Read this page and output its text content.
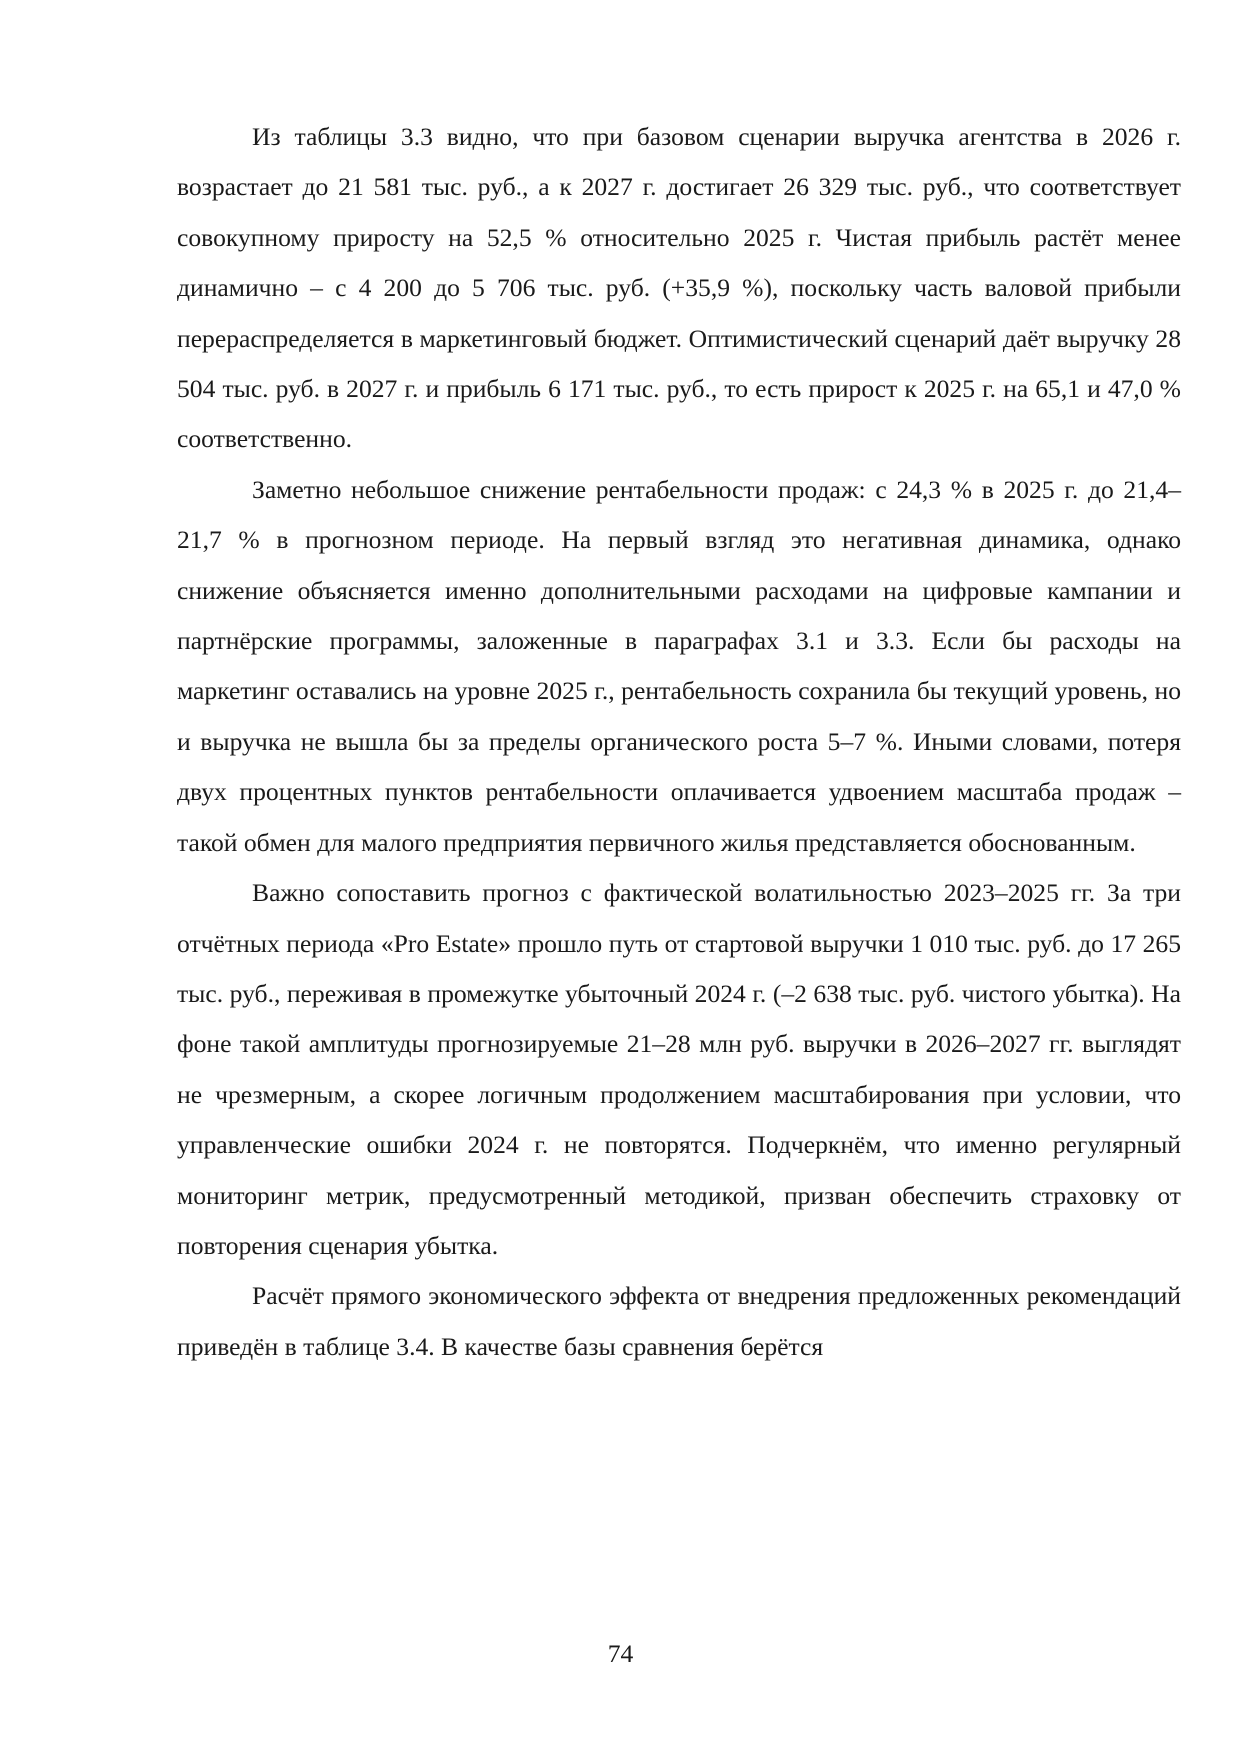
Из таблицы 3.3 видно, что при базовом сценарии выручка агентства в 2026 г. возрастает до 21 581 тыс. руб., а к 2027 г. достигает 26 329 тыс. руб., что соответствует совокупному приросту на 52,5 % относительно 2025 г. Чистая прибыль растёт менее динамично – с 4 200 до 5 706 тыс. руб. (+35,9 %), поскольку часть валовой прибыли перераспределяется в маркетинговый бюджет. Оптимистический сценарий даёт выручку 28 504 тыс. руб. в 2027 г. и прибыль 6 171 тыс. руб., то есть прирост к 2025 г. на 65,1 и 47,0 % соответственно.

Заметно небольшое снижение рентабельности продаж: с 24,3 % в 2025 г. до 21,4–21,7 % в прогнозном периоде. На первый взгляд это негативная динамика, однако снижение объясняется именно дополнительными расходами на цифровые кампании и партнёрские программы, заложенные в параграфах 3.1 и 3.3. Если бы расходы на маркетинг оставались на уровне 2025 г., рентабельность сохранила бы текущий уровень, но и выручка не вышла бы за пределы органического роста 5–7 %. Иными словами, потеря двух процентных пунктов рентабельности оплачивается удвоением масштаба продаж – такой обмен для малого предприятия первичного жилья представляется обоснованным.

Важно сопоставить прогноз с фактической волатильностью 2023–2025 гг. За три отчётных периода «Pro Estate» прошло путь от стартовой выручки 1 010 тыс. руб. до 17 265 тыс. руб., переживая в промежутке убыточный 2024 г. (–2 638 тыс. руб. чистого убытка). На фоне такой амплитуды прогнозируемые 21–28 млн руб. выручки в 2026–2027 гг. выглядят не чрезмерным, а скорее логичным продолжением масштабирования при условии, что управленческие ошибки 2024 г. не повторятся. Подчеркнём, что именно регулярный мониторинг метрик, предусмотренный методикой, призван обеспечить страховку от повторения сценария убытка.

Расчёт прямого экономического эффекта от внедрения предложенных рекомендаций приведён в таблице 3.4. В качестве базы сравнения берётся

74
